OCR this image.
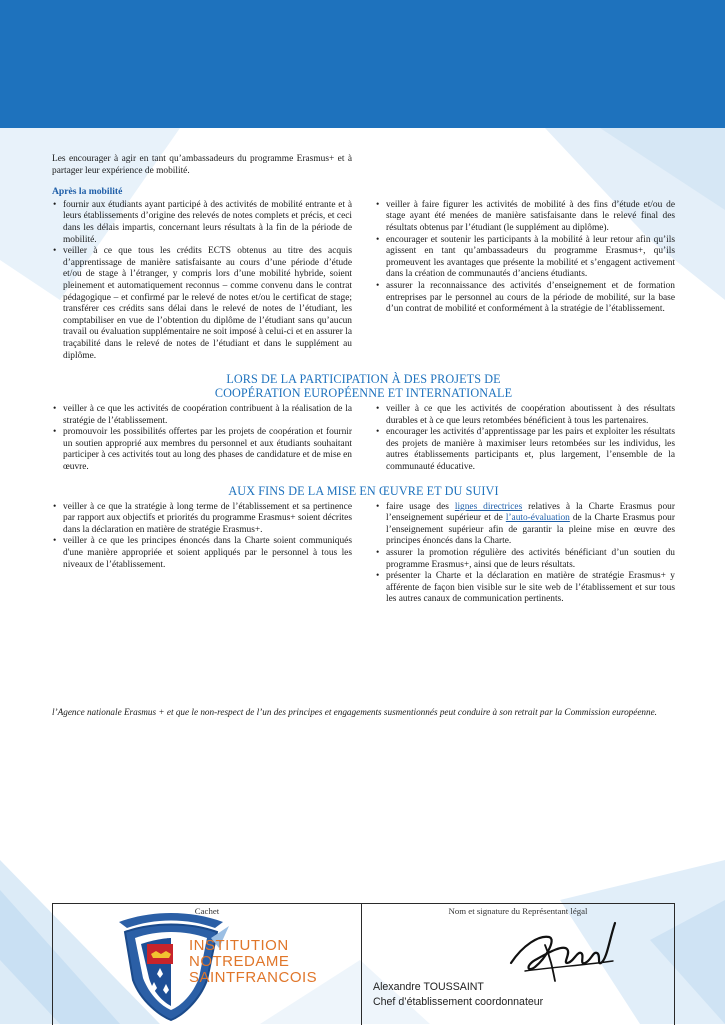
Les encourager à agir en tant qu’ambassadeurs du programme Erasmus+ et à partager leur expérience de mobilité.
Après la mobilité
• fournir aux étudiants ayant participé à des activités de mobilité entrante et à leurs établissements d’origine des relevés de notes complets et précis, et ceci dans les délais impartis, concernant leurs résultats à la fin de la période de mobilité.
• veiller à ce que tous les crédits ECTS obtenus au titre des acquis d’apprentissage de manière satisfaisante au cours d’une période d’étude et/ou de stage à l’étranger, y compris lors d’une mobilité hybride, soient pleinement et automatiquement reconnus – comme convenu dans le contrat pédagogique – et confirmé par le relevé de notes et/ou le certificat de stage; transférer ces crédits sans délai dans le relevé de notes de l’étudiant, les comptabiliser en vue de l’obtention du diplôme de l’étudiant sans qu’aucun travail ou évaluation supplémentaire ne soit imposé à celui-ci et en assurer la traçabilité dans le relevé de notes de l’étudiant et dans le supplément au diplôme.
• veiller à faire figurer les activités de mobilité à des fins d’étude et/ou de stage ayant été menées de manière satisfaisante dans le relevé final des résultats obtenus par l’étudiant (le supplément au diplôme).
• encourager et soutenir les participants à la mobilité à leur retour afin qu’ils agissent en tant qu’ambassadeurs du programme Erasmus+, qu’ils promeuvent les avantages que présente la mobilité et s’engagent activement dans la création de communautés d’anciens étudiants.
• assurer la reconnaissance des activités d’enseignement et de formation entreprises par le personnel au cours de la période de mobilité, sur la base d’un contrat de mobilité et conformément à la stratégie de l’établissement.
LORS DE LA PARTICIPATION À DES PROJETS DE
COOPÉRATION EUROPÉENNE ET INTERNATIONALE
• veiller à ce que les activités de coopération contribuent à la réalisation de la stratégie de l’établissement.
• promouvoir les possibilités offertes par les projets de coopération et fournir un soutien approprié aux membres du personnel et aux étudiants souhaitant participer à ces activités tout au long des phases de candidature et de mise en œuvre.
• veiller à ce que les activités de coopération aboutissent à des résultats durables et à ce que leurs retombées bénéficient à tous les partenaires.
• encourager les activités d’apprentissage par les pairs et exploiter les résultats des projets de manière à maximiser leurs retombées sur les individus, les autres établissements participants et, plus largement, l’ensemble de la communauté éducative.
AUX FINS DE LA MISE EN ŒUVRE ET DU SUIVI
• veiller à ce que la stratégie à long terme de l’établissement et sa pertinence par rapport aux objectifs et priorités du programme Erasmus+ soient décrites dans la déclaration en matière de stratégie Erasmus+.
• veiller à ce que les principes énoncés dans la Charte soient communiqués d'une manière appropriée et soient appliqués par le personnel à tous les niveaux de l’établissement.
• faire usage des lignes directrices relatives à la Charte Erasmus pour l’enseignement supérieur et de l’auto-évaluation de la Charte Erasmus pour l’enseignement supérieur afin de garantir la pleine mise en œuvre des principes énoncés dans la Charte.
• assurer la promotion régulière des activités bénéficiant d’un soutien du programme Erasmus+, ainsi que de leurs résultats.
• présenter la Charte et la déclaration en matière de stratégie Erasmus+ y afférente de façon bien visible sur le site web de l’établissement et sur tous les autres canaux de communication pertinents.
l’Agence nationale Erasmus + et que le non-respect de l’un des principes et engagements susmentionnés peut conduire à son retrait par la Commission européenne.
Cachet	Nom et signature du Représentant légal
INSTITUTION
NOTREDAME
SAINTFRANCOIS
Alexandre TOUSSAINT
Chef d’établissement coordonnateur
